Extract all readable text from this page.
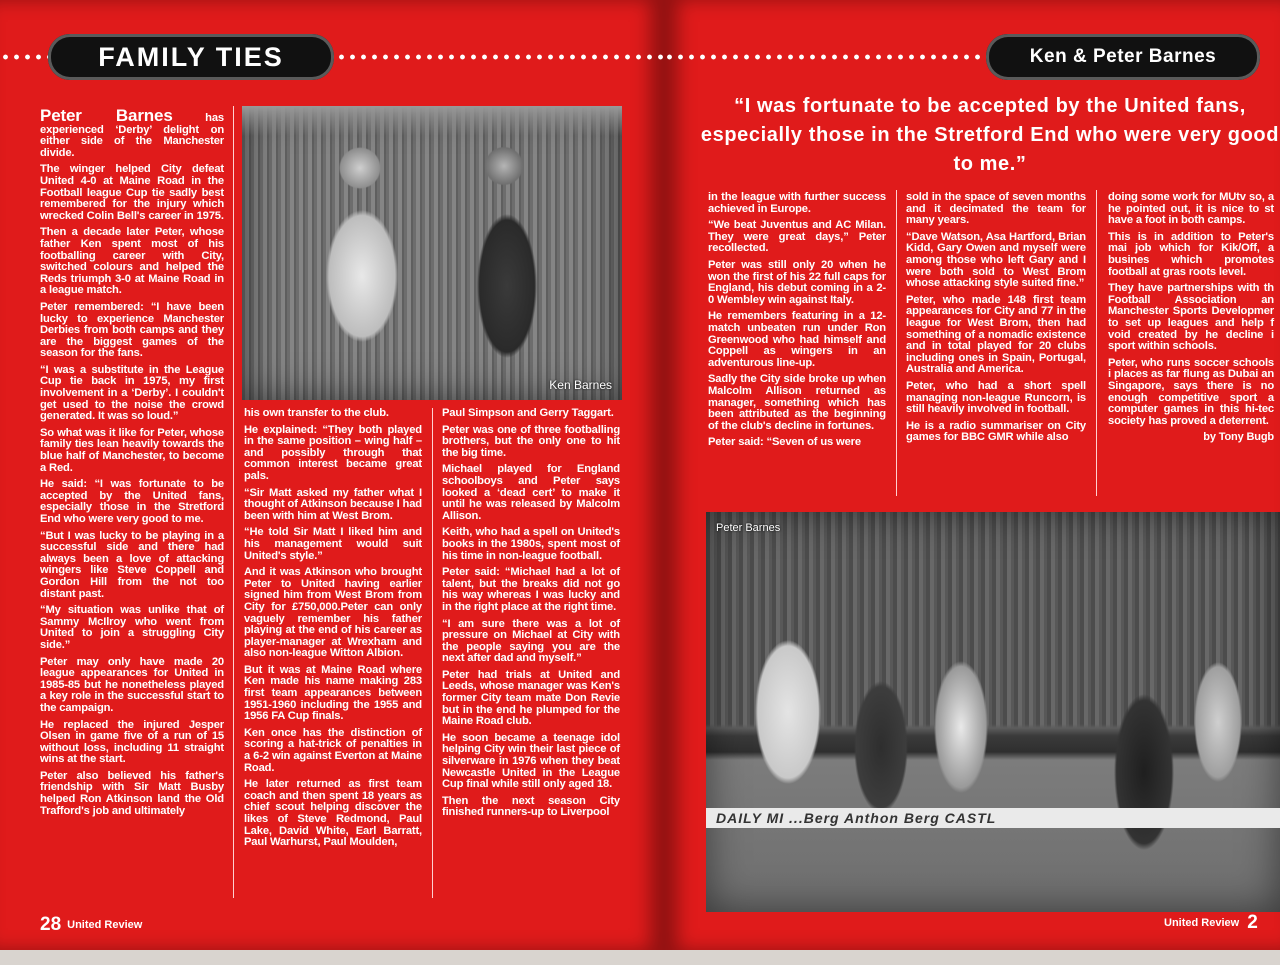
FAMILY TIES

Peter Barnes	has experienced ‘Derby’ delight on either side of the Manchester divide.

The winger helped City defeat United 4-0 at Maine Road in the Football league Cup tie sadly best remembered for the injury which wrecked Colin Bell's career in 1975.

Then a decade later Peter, whose father Ken spent most of his footballing career with City, switched colours and helped the Reds triumph 3-0 at Maine Road in a league match.

Peter remembered: “I have been lucky to experience Manchester Derbies from both camps and they are the biggest games of the season for the fans.

“I was a substitute in the League Cup tie back in 1975, my first involvement in a ‘Derby’. I couldn't get used to the noise the crowd generated. It was so loud.”

So what was it like for Peter, whose family ties lean heavily towards the blue half of Manchester, to become a Red.

He said: “I was fortunate to be accepted by the United fans, especially those in the Stretford End who were very good to me.

“But I was lucky to be playing in a successful side and there had always been a love of attacking wingers like Steve Coppell and Gordon Hill from the not too distant past.

“My situation was unlike that of Sammy McIlroy who went from United to join a struggling City side.”

Peter may only have made 20 league appearances for United in 1985-85 but he nonetheless played a key role in the successful start to the campaign.

He replaced the injured Jesper Olsen in game five of a run of 15 without loss, including 11 straight wins at the start.

Peter also believed his father's friendship with Sir Matt Busby helped Ron Atkinson land the Old Trafford's job and ultimately

Ken Barnes

his own transfer to the club.

He explained: “They both played in the same position – wing half – and possibly through that common interest became great pals.

“Sir Matt asked my father what I thought of Atkinson because I had been with him at West Brom.

“He told Sir Matt I liked him and his management would suit United's style.”

And it was Atkinson who brought Peter to United having earlier signed him from West Brom from City for £750,000.Peter can only vaguely remember his father playing at the end of his career as player-manager at Wrexham and also non-league Witton Albion.

But it was at Maine Road where Ken made his name making 283 first team appearances between 1951-1960 including the 1955 and 1956 FA Cup finals.

Ken once has the distinction of scoring a hat-trick of penalties in a 6-2 win against Everton at Maine Road.

He later returned as first team coach and then spent 18 years as chief scout helping discover the likes of Steve Redmond, Paul Lake, David White, Earl Barratt, Paul Warhurst, Paul Moulden,

Paul Simpson and Gerry Taggart.

Peter was one of three footballing brothers, but the only one to hit the big time.

Michael played for England schoolboys and Peter says looked a ‘dead cert’ to make it until he was released by Malcolm Allison.

Keith, who had a spell on United's books in the 1980s, spent most of his time in non-league football.

Peter said: “Michael had a lot of talent, but the breaks did not go his way whereas I was lucky and in the right place at the right time.

“I am sure there was a lot of pressure on Michael at City with the people saying you are the next after dad and myself.”

Peter had trials at United and Leeds, whose manager was Ken's former City team mate Don Revie but in the end he plumped for the Maine Road club.

He soon became a teenage idol helping City win their last piece of silverware in 1976 when they beat Newcastle United in the League Cup final while still only aged 18.

Then the next season City finished runners-up to Liverpool

28 United Review
Ken & Peter Barnes
“I was fortunate to be accepted by the United fans, especially those in the Stretford End who were very good to me.”

in the league with further success achieved in Europe.

“We beat Juventus and AC Milan. They were great days,” Peter recollected.

Peter was still only 20 when he won the first of his 22 full caps for England, his debut coming in a 2-0 Wembley win against Italy.

He remembers featuring in a 12-match unbeaten run under Ron Greenwood who had himself and Coppell as wingers in an adventurous line-up.

Sadly the City side broke up when Malcolm Allison returned as manager, something which has been attributed as the beginning of the club's decline in fortunes.

Peter said: “Seven of us were

sold in the space of seven months and it decimated the team for many years.

“Dave Watson, Asa Hartford, Brian Kidd, Gary Owen and myself were among those who left Gary and I were both sold to West Brom whose attacking style suited fine.”

Peter, who made 148 first team appearances for City and 77 in the league for West Brom, then had something of a nomadic existence and in total played for 20 clubs including ones in Spain, Portugal, Australia and America.

Peter, who had a short spell managing non-league Runcorn, is still heavily involved in football.

He is a radio summariser on City games for BBC GMR while also

doing some work for MUtv so, a he pointed out, it is nice to st have a foot in both camps.

This is in addition to Peter's mai job which for Kik/Off, a busines which promotes football at gras roots level.

They have partnerships with th Football Association an Manchester Sports Developmer to set up leagues and help f void created by he decline i sport within schools.

Peter, who runs soccer schools i places as far flung as Dubai an Singapore, says there is no enough competitive sport a computer games in this hi-tec society has proved a deterrent.

by Tony Bugb
Peter Barnes
DAILY MI ...Berg Anthon Berg CASTL
United Review 2
